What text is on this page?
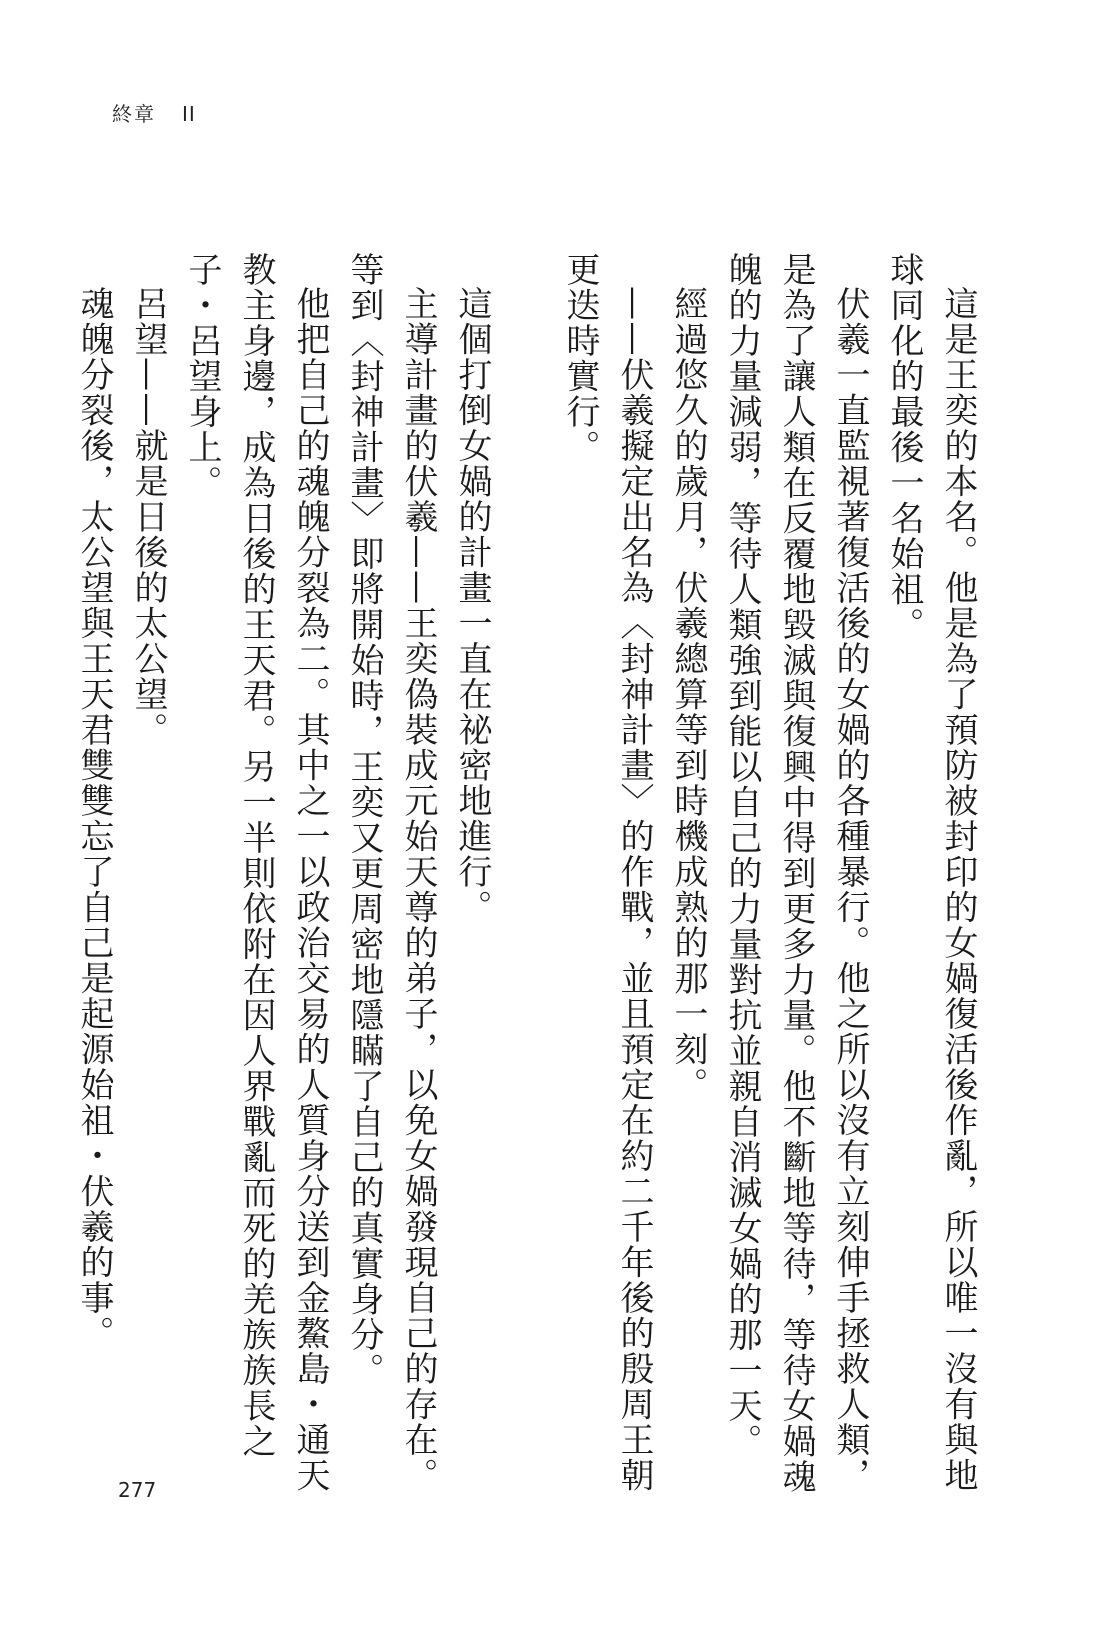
終章 II

這是王奕的本名。他是為了預防被封印的女媧復活後作亂，所以唯一沒有與地球同化的最後一名始祖。

伏羲一直監視著復活後的女媧的各種暴行。他之所以沒有立刻伸手拯救人類，是為了讓人類在反覆地毀滅與復興中得到更多力量。他不斷地等待，等待女媧魂魄的力量減弱，等待人類強到能以自己的力量對抗並親自消滅女媧的那一天。

經過悠久的歲月，伏羲總算等到時機成熟的那一刻。

——伏羲擬定出名為〈封神計畫〉的作戰，並且預定在約二千年後的殷周王朝更迭時實行。

這個打倒女媧的計畫一直在祕密地進行。

主導計畫的伏羲——王奕偽裝成元始天尊的弟子，以免女媧發現自己的存在。等到〈封神計畫〉即將開始時，王奕又更周密地隱瞞了自己的真實身分。

他把自己的魂魄分裂為二。其中之一以政治交易的人質身分送到金鰲島・通天教主身邊，成為日後的王天君。另一半則依附在因人界戰亂而死的羌族族長之子・呂望身上。

呂望——就是日後的太公望。

魂魄分裂後，太公望與王天君雙雙忘了自己是起源始祖・伏羲的事。

277
